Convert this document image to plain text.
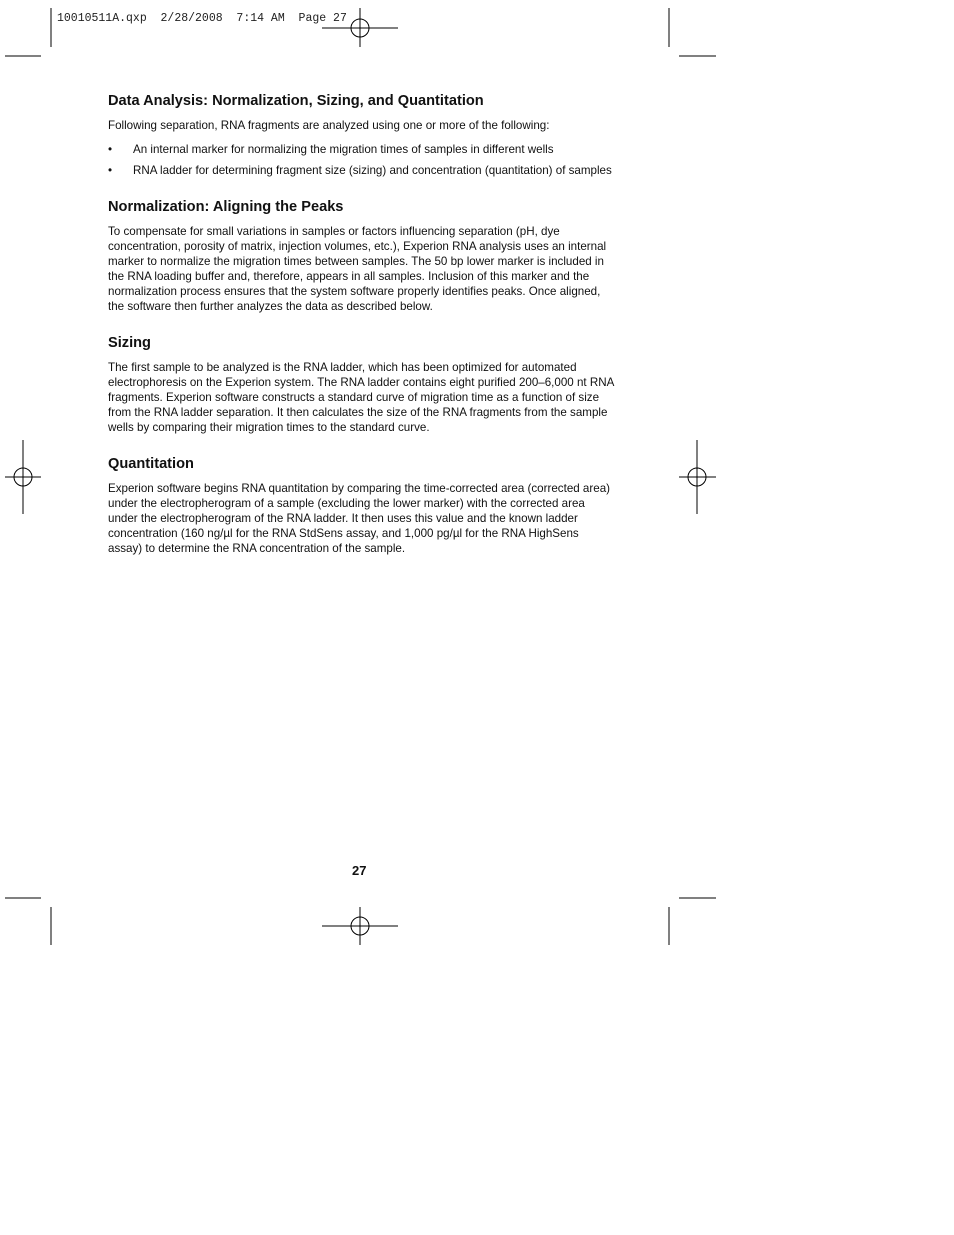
10010511A.qxp  2/28/2008  7:14 AM  Page 27
Data Analysis: Normalization, Sizing, and Quantitation

Following separation, RNA fragments are analyzed using one or more of the following:

• An internal marker for normalizing the migration times of samples in different wells
• RNA ladder for determining fragment size (sizing) and concentration (quantitation) of samples
Normalization: Aligning the Peaks

To compensate for small variations in samples or factors influencing separation (pH, dye concentration, porosity of matrix, injection volumes, etc.), Experion RNA analysis uses an internal marker to normalize the migration times between samples. The 50 bp lower marker is included in the RNA loading buffer and, therefore, appears in all samples. Inclusion of this marker and the normalization process ensures that the system software properly identifies peaks. Once aligned, the software then further analyzes the data as described below.

Sizing

The first sample to be analyzed is the RNA ladder, which has been optimized for automated electrophoresis on the Experion system. The RNA ladder contains eight purified 200–6,000 nt RNA fragments. Experion software constructs a standard curve of migration time as a function of size from the RNA ladder separation. It then calculates the size of the RNA fragments from the sample wells by comparing their migration times to the standard curve.

Quantitation

Experion software begins RNA quantitation by comparing the time-corrected area (corrected area) under the electropherogram of a sample (excluding the lower marker) with the corrected area under the electropherogram of the RNA ladder. It then uses this value and the known ladder concentration (160 ng/µl for the RNA StdSens assay, and 1,000 pg/µl for the RNA HighSens assay) to determine the RNA concentration of the sample.

27
